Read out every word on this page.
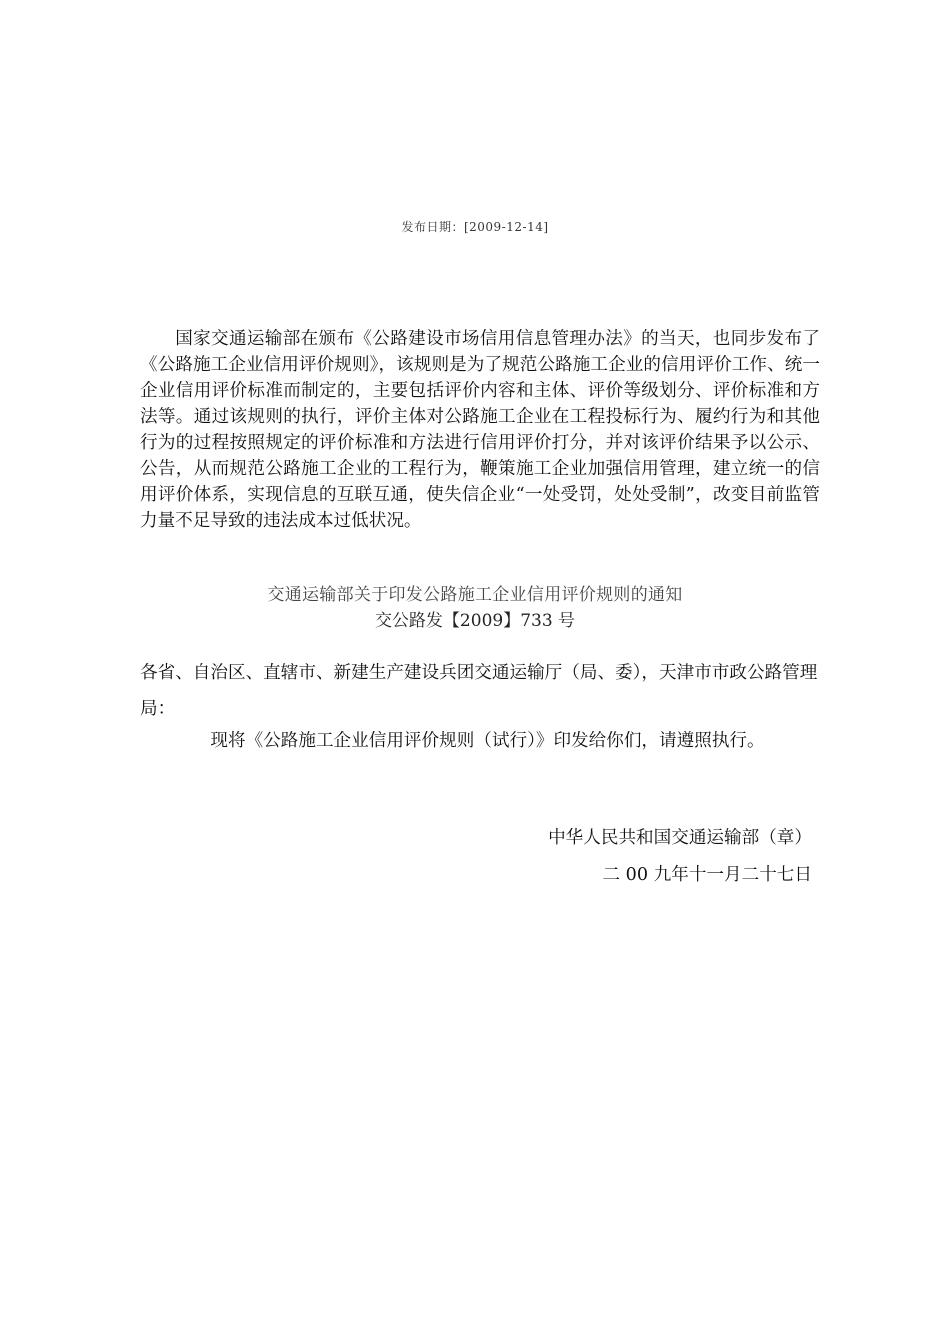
发布日期：[2009-12-14]

国家交通运输部在颁布《公路建设市场信用信息管理办法》的当天，也同步发布了《公路施工企业信用评价规则》，该规则是为了规范公路施工企业的信用评价工作、统一企业信用评价标准而制定的，主要包括评价内容和主体、评价等级划分、评价标准和方法等。通过该规则的执行，评价主体对公路施工企业在工程投标行为、履约行为和其他行为的过程按照规定的评价标准和方法进行信用评价打分，并对该评价结果予以公示、公告，从而规范公路施工企业的工程行为，鞭策施工企业加强信用管理，建立统一的信用评价体系，实现信息的互联互通，使失信企业“一处受罚，处处受制”，改变目前监管力量不足导致的违法成本过低状况。

交通运输部关于印发公路施工企业信用评价规则的通知
交公路发【2009】733 号

各省、自治区、直辖市、新建生产建设兵团交通运输厅（局、委），天津市市政公路管理局：

现将《公路施工企业信用评价规则（试行）》印发给你们，请遵照执行。

中华人民共和国交通运输部（章）
二 00 九年十一月二十七日
